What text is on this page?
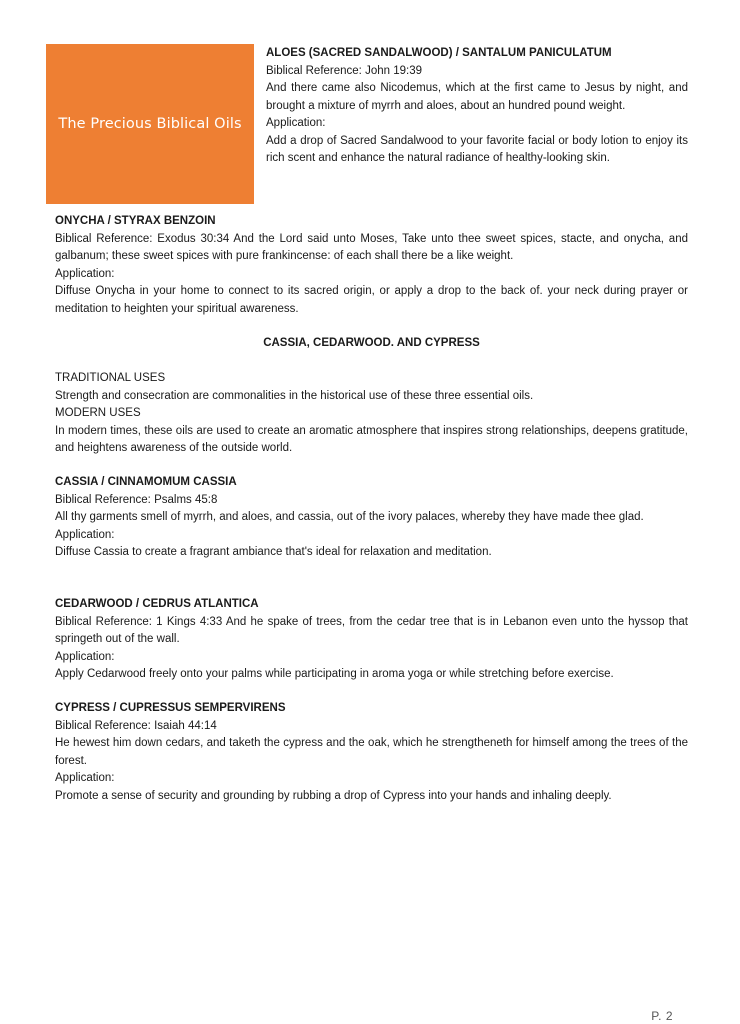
The Precious Biblical Oils
ALOES (SACRED SANDALWOOD) / SANTALUM PANICULATUM
Biblical Reference: John 19:39
And there came also Nicodemus, which at the first came to Jesus by night, and brought a mixture of myrrh and aloes, about an hundred pound weight.
Application:
Add a drop of Sacred Sandalwood to your favorite facial or body lotion to enjoy its rich scent and enhance the natural radiance of healthy-looking skin.
ONYCHA / STYRAX BENZOIN
Biblical Reference: Exodus 30:34 And the Lord said unto Moses, Take unto thee sweet spices, stacte, and onycha, and galbanum; these sweet spices with pure frankincense: of each shall there be a like weight.
Application:
Diffuse Onycha in your home to connect to its sacred origin, or apply a drop to the back of. your neck during prayer or meditation to heighten your spiritual awareness.
CASSIA, CEDARWOOD. AND CYPRESS
TRADITIONAL USES
Strength and consecration are commonalities in the historical use of these three essential oils.
MODERN USES
In modern times, these oils are used to create an aromatic atmosphere that inspires strong relationships, deepens gratitude, and heightens awareness of the outside world.
CASSIA / CINNAMOMUM CASSIA
Biblical Reference: Psalms 45:8
All thy garments smell of myrrh, and aloes, and cassia, out of the ivory palaces, whereby they have made thee glad.
Application:
Diffuse Cassia to create a fragrant ambiance that's ideal for relaxation and meditation.
CEDARWOOD / CEDRUS ATLANTICA
Biblical Reference: 1 Kings 4:33 And he spake of trees, from the cedar tree that is in Lebanon even unto the hyssop that springeth out of the wall.
Application:
Apply Cedarwood freely onto your palms while participating in aroma yoga or while stretching before exercise.
CYPRESS / CUPRESSUS SEMPERVIRENS
Biblical Reference: Isaiah 44:14
He hewest him down cedars, and taketh the cypress and the oak, which he strengtheneth for himself among the trees of the forest.
Application:
Promote a sense of security and grounding by rubbing a drop of Cypress into your hands and inhaling deeply.
P. 2
